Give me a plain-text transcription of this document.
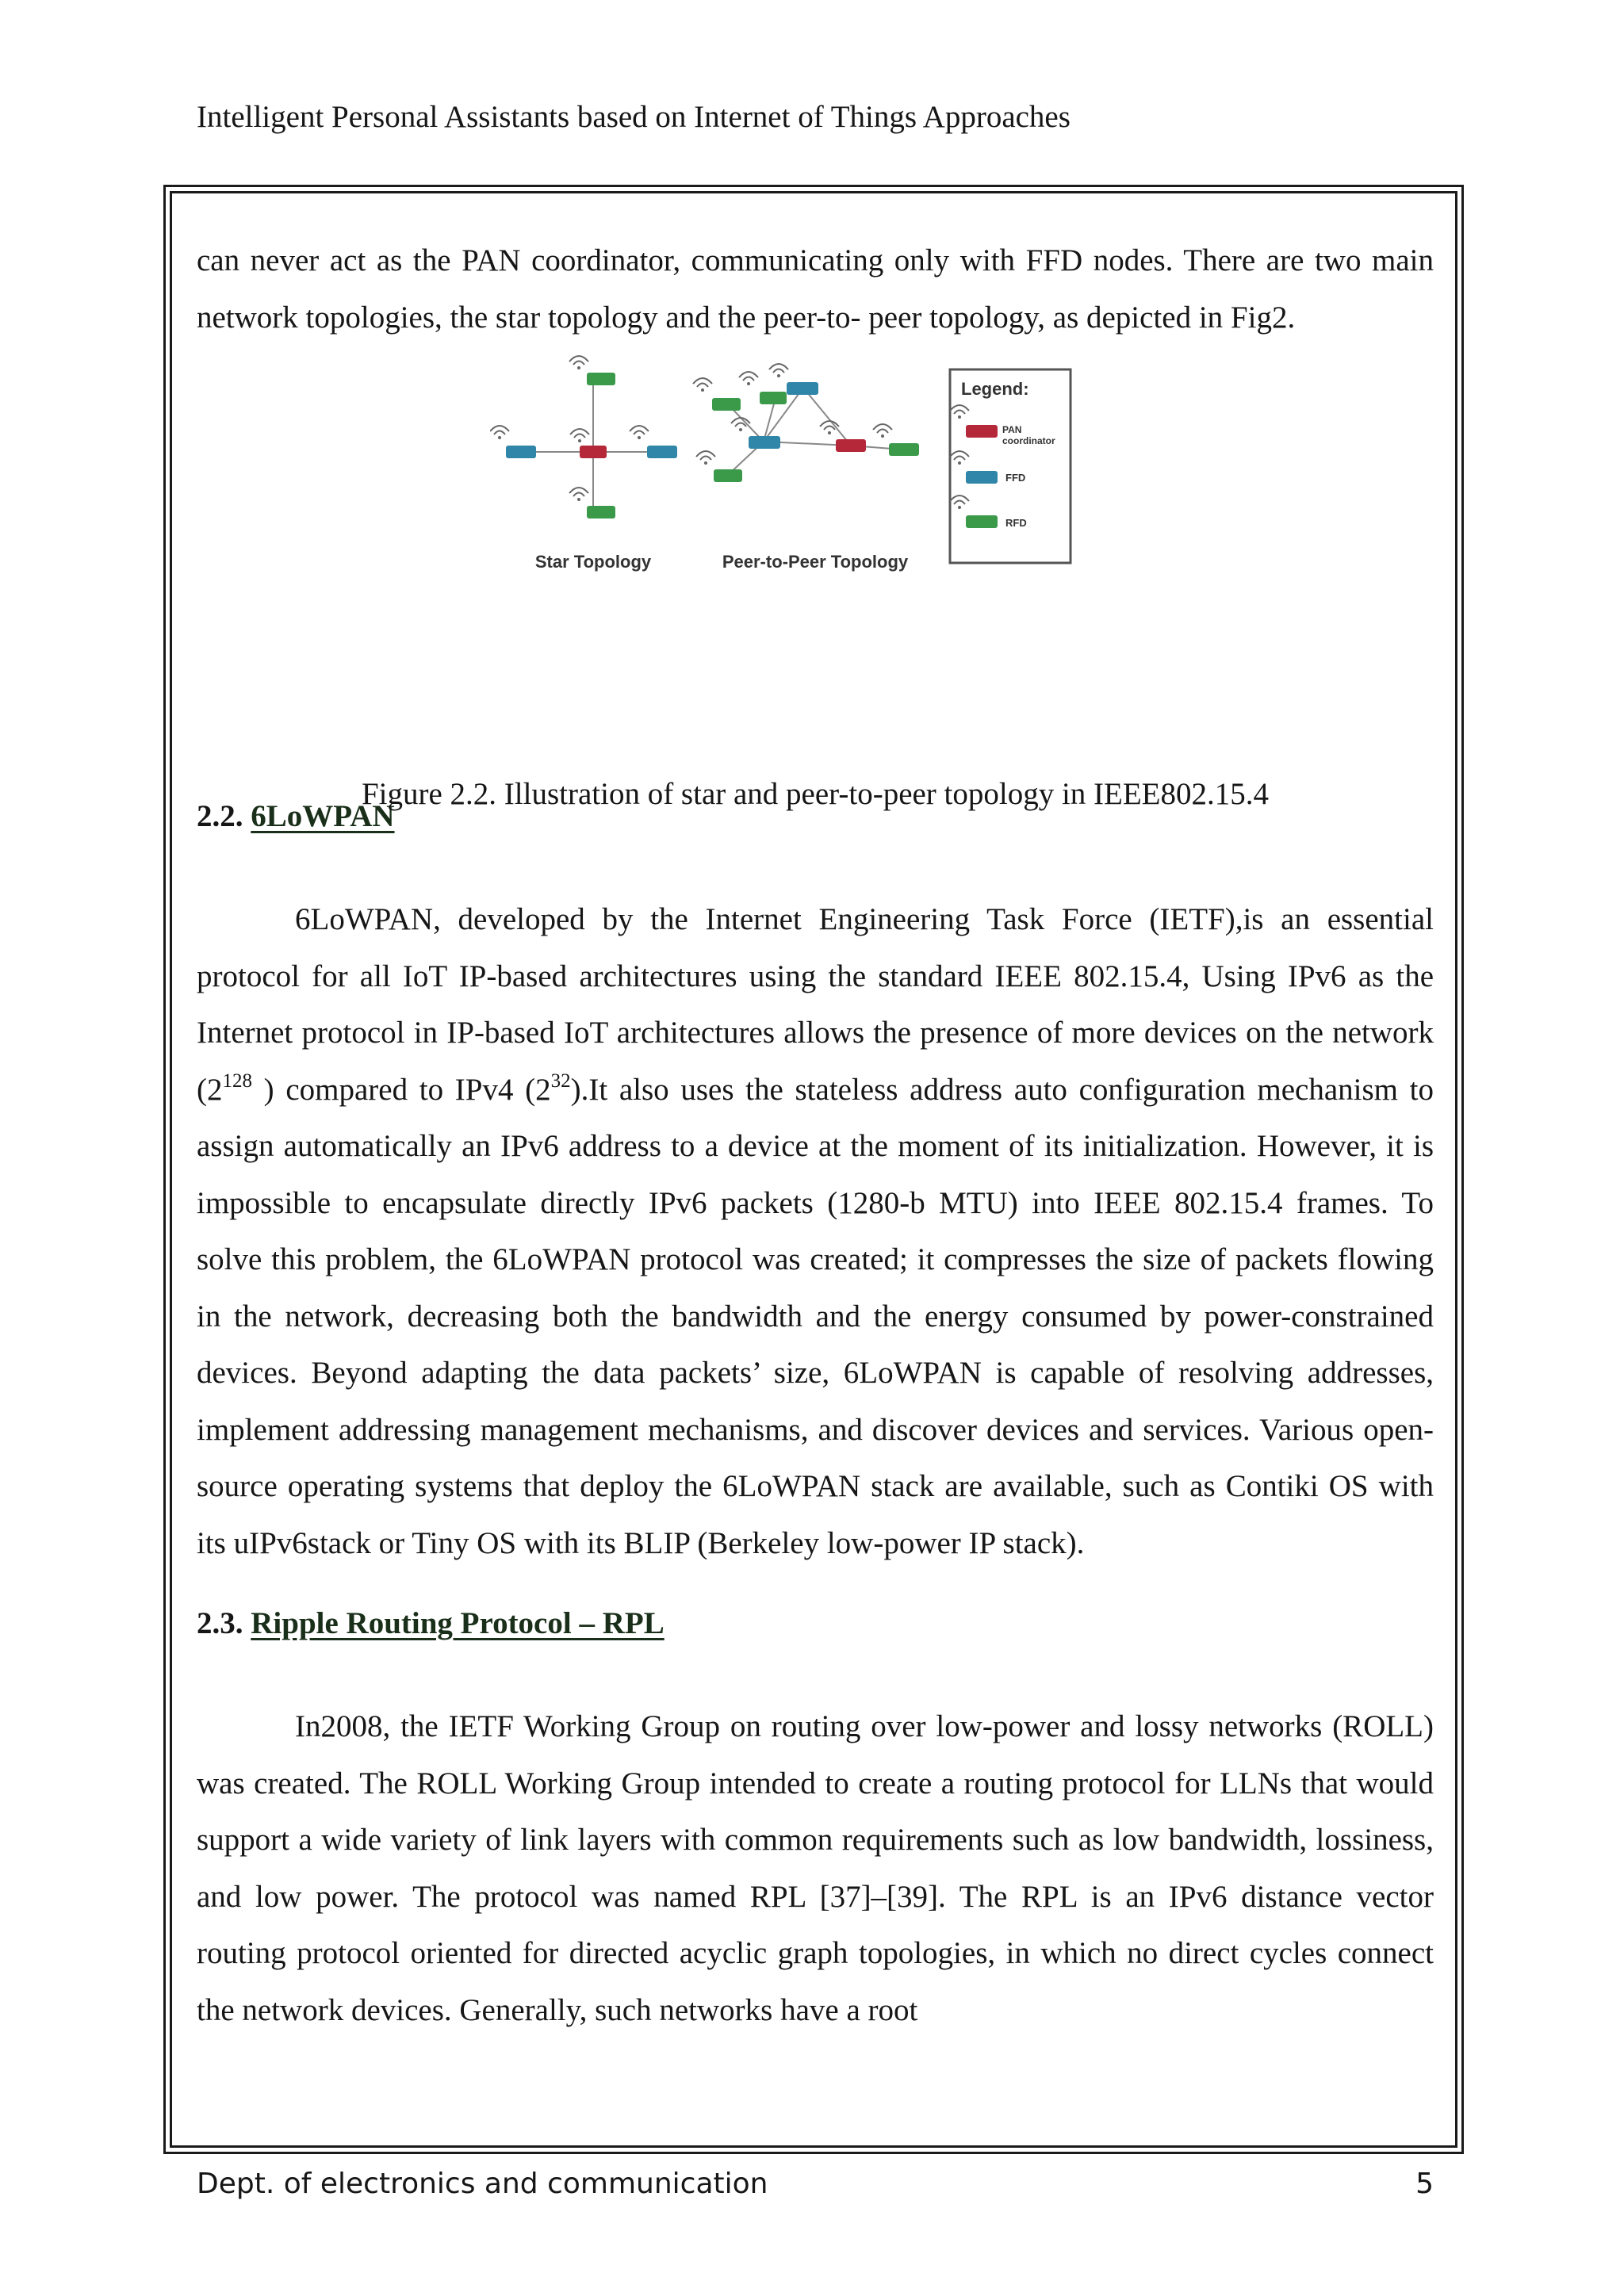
Intelligent Personal Assistants based on Internet of Things Approaches

can never act as the PAN coordinator, communicating only with FFD nodes. There are two main network topologies, the star topology and the peer-to- peer topology, as depicted in Fig2.

Star Topology	Peer-to-Peer Topology
Legend:
PAN coordinator
FFD
RFD
Figure 2.2. Illustration of star and peer-to-peer topology in IEEE802.15.4

2.2. 6LoWPAN

6LoWPAN, developed by the Internet Engineering Task Force (IETF),is an essential protocol for all IoT IP-based architectures using the standard IEEE 802.15.4, Using IPv6 as the Internet protocol in IP-based IoT architectures allows the presence of more devices on the network ($2^{128}$ ) compared to IPv4 $(2^{32}).It$ also uses the stateless address auto configuration mechanism to assign automatically an IPv6 address to a device at the moment of its initialization. However, it is impossible to encapsulate directly IPv6 packets (1280-b MTU) into IEEE 802.15.4 frames. To solve this problem, the 6LoWPAN protocol was created; it compresses the size of packets flowing in the network, decreasing both the bandwidth and the energy consumed by power-constrained devices. Beyond adapting the data packets’ size, 6LoWPAN is capable of resolving addresses, implement addressing management mechanisms, and discover devices and services. Various open-source operating systems that deploy the 6LoWPAN stack are available, such as Contiki OS with its uIPv6stack or Tiny OS with its BLIP (Berkeley low-power IP stack).

2.3. Ripple Routing Protocol – RPL

In2008, the IETF Working Group on routing over low-power and lossy networks (ROLL) was created. The ROLL Working Group intended to create a routing protocol for LLNs that would support a wide variety of link layers with common requirements such as low bandwidth, lossiness, and low power. The protocol was named RPL [37]–[39]. The RPL is an IPv6 distance vector routing protocol oriented for directed acyclic graph topologies, in which no direct cycles connect the network devices. Generally, such networks have a root

Dept. of electronics and communication	5
